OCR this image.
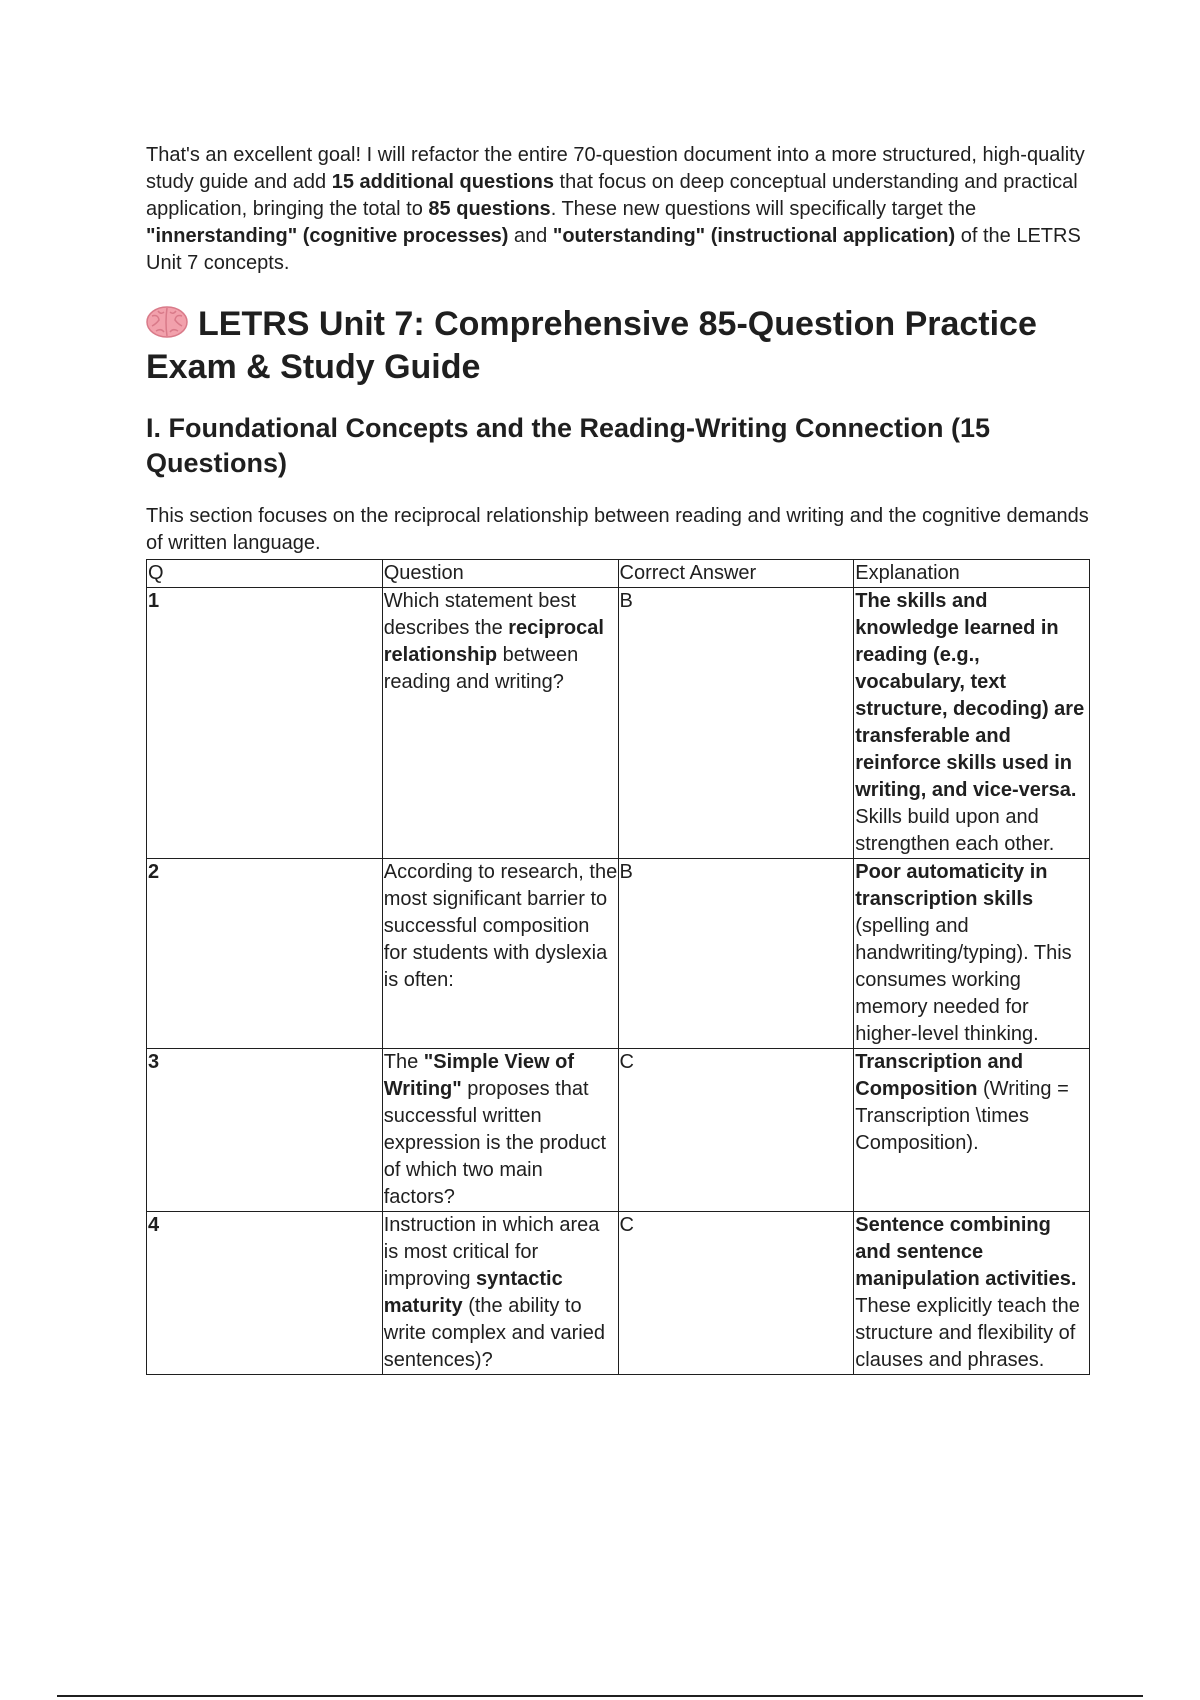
That's an excellent goal! I will refactor the entire 70-question document into a more structured, high-quality study guide and add 15 additional questions that focus on deep conceptual understanding and practical application, bringing the total to 85 questions. These new questions will specifically target the "innerstanding" (cognitive processes) and "outerstanding" (instructional application) of the LETRS Unit 7 concepts.

LETRS Unit 7: Comprehensive 85-Question Practice Exam & Study Guide
I. Foundational Concepts and the Reading-Writing Connection (15 Questions)

This section focuses on the reciprocal relationship between reading and writing and the cognitive demands of written language.

Q	Question	Correct Answer	Explanation
1	Which statement best describes the reciprocal relationship between reading and writing?	B	The skills and knowledge learned in reading (e.g., vocabulary, text structure, decoding) are transferable and reinforce skills used in writing, and vice-versa. Skills build upon and strengthen each other.
2	According to research, the most significant barrier to successful composition for students with dyslexia is often:	B	Poor automaticity in transcription skills (spelling and handwriting/typing). This consumes working memory needed for higher-level thinking.
3	The "Simple View of Writing" proposes that successful written expression is the product of which two main factors?	C	Transcription and Composition (Writing = Transcription \times Composition).
4	Instruction in which area is most critical for improving syntactic maturity (the ability to write complex and varied sentences)?	C	Sentence combining and sentence manipulation activities. These explicitly teach the structure and flexibility of clauses and phrases.
